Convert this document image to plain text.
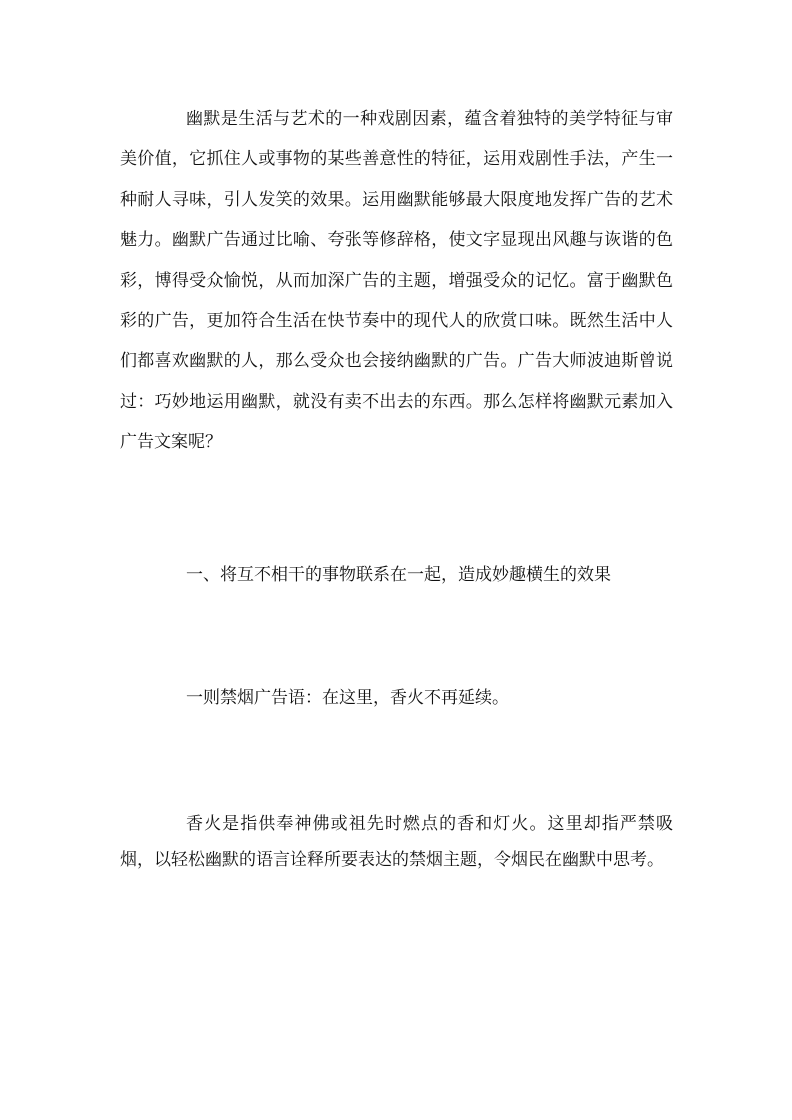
幽默是生活与艺术的一种戏剧因素，蕴含着独特的美学特征与审美价值，它抓住人或事物的某些善意性的特征，运用戏剧性手法，产生一种耐人寻味，引人发笑的效果。运用幽默能够最大限度地发挥广告的艺术魅力。幽默广告通过比喻、夸张等修辞格，使文字显现出风趣与诙谐的色彩，博得受众愉悦，从而加深广告的主题，增强受众的记忆。富于幽默色彩的广告，更加符合生活在快节奏中的现代人的欣赏口味。既然生活中人们都喜欢幽默的人，那么受众也会接纳幽默的广告。广告大师波迪斯曾说过：巧妙地运用幽默，就没有卖不出去的东西。那么怎样将幽默元素加入广告文案呢？

一、将互不相干的事物联系在一起，造成妙趣横生的效果

一则禁烟广告语：在这里，香火不再延续。

香火是指供奉神佛或祖先时燃点的香和灯火。这里却指严禁吸烟，以轻松幽默的语言诠释所要表达的禁烟主题，令烟民在幽默中思考。
